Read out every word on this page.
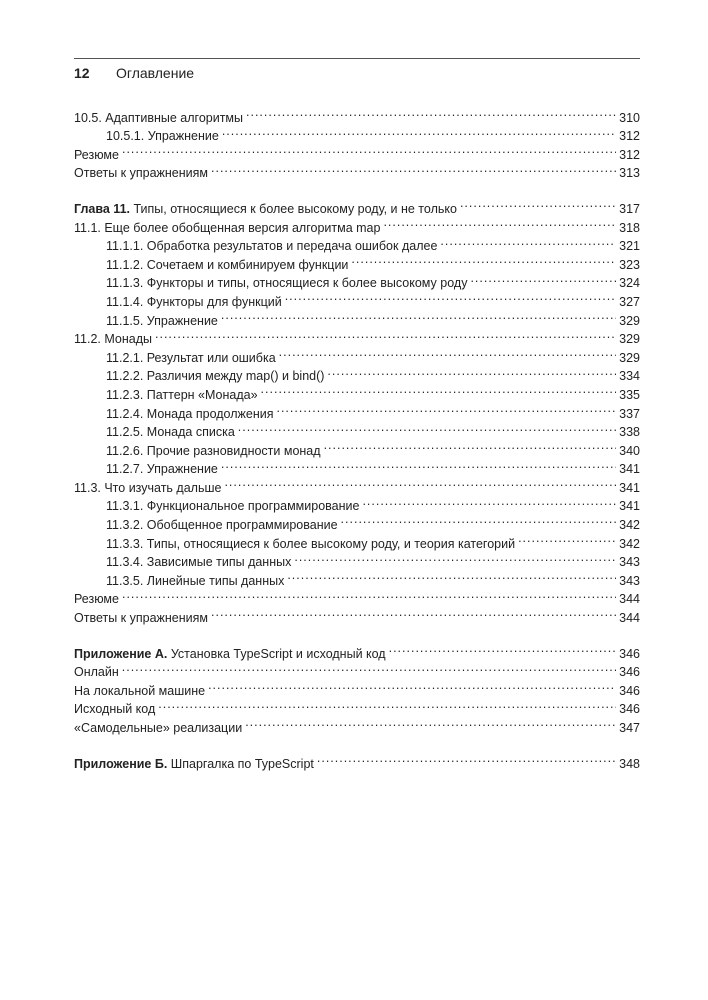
12 Оглавление
10.5. Адаптивные алгоритмы .....	310
10.5.1. Упражнение .....	312
Резюме .....	312
Ответы к упражнениям .....	313
Глава 11. Типы, относящиеся к более высокому роду, и не только .....	317
11.1. Еще более обобщенная версия алгоритма map .....	318
11.1.1. Обработка результатов и передача ошибок далее .....	321
11.1.2. Сочетаем и комбинируем функции .....	323
11.1.3. Функторы и типы, относящиеся к более высокому роду .....	324
11.1.4. Функторы для функций .....	327
11.1.5. Упражнение .....	329
11.2. Монады .....	329
11.2.1. Результат или ошибка .....	329
11.2.2. Различия между map() и bind() .....	334
11.2.3. Паттерн «Монада» .....	335
11.2.4. Монада продолжения .....	337
11.2.5. Монада списка .....	338
11.2.6. Прочие разновидности монад .....	340
11.2.7. Упражнение .....	341
11.3. Что изучать дальше .....	341
11.3.1. Функциональное программирование .....	341
11.3.2. Обобщенное программирование .....	342
11.3.3. Типы, относящиеся к более высокому роду, и теория категорий .....	342
11.3.4. Зависимые типы данных .....	343
11.3.5. Линейные типы данных .....	343
Резюме .....	344
Ответы к упражнениям .....	344
Приложение А. Установка TypeScript и исходный код .....	346
Онлайн .....	346
На локальной машине .....	346
Исходный код .....	346
«Самодельные» реализации .....	347
Приложение Б. Шпаргалка по TypeScript .....	348
